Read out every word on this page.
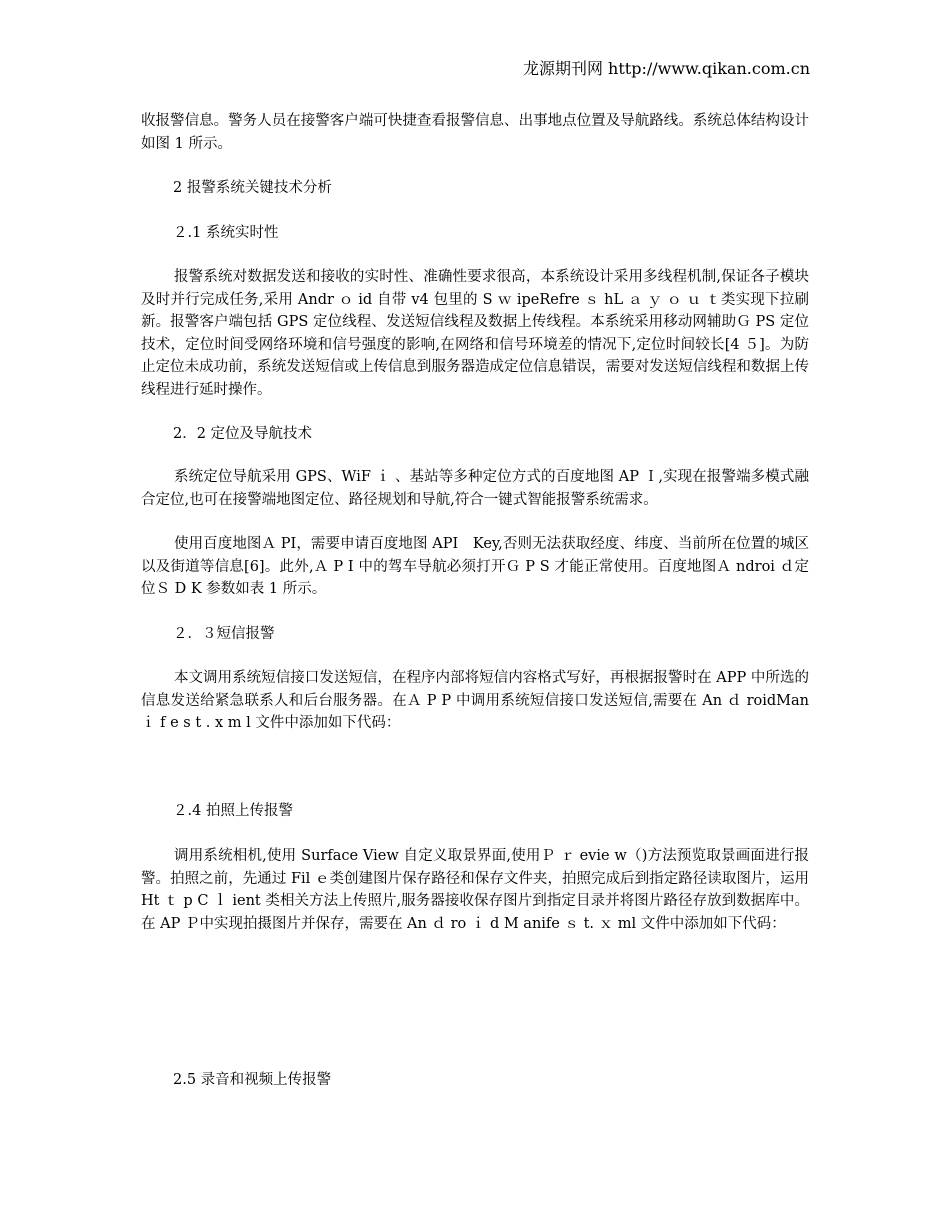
龙源期刊网 http://www.qikan.com.cn
收报警信息。警务人员在接警客户端可快捷查看报警信息、出事地点位置及导航路线。系统总体结构设计如图 1 所示。
2 报警系统关键技术分析
２.1 系统实时性
报警系统对数据发送和接收的实时性、准确性要求很高，本系统设计采用多线程机制,保证各子模块及时并行完成任务,采用 Andr ｏ id 自带 v4 包里的 S ｗ ipeRefre ｓ hL ａ ｙ ｏ ｕ ｔ类实现下拉刷新。报警客户端包括 GPS 定位线程、发送短信线程及数据上传线程。本系统采用移动网辅助Ｇ PS 定位技术，定位时间受网络环境和信号强度的影响,在网络和信号环境差的情况下,定位时间较长[4 ５]。为防止定位未成功前，系统发送短信或上传信息到服务器造成定位信息错误，需要对发送短信线程和数据上传线程进行延时操作。
2．2 定位及导航技术
系统定位导航采用 GPS、WiF ｉ 、基站等多种定位方式的百度地图 AP Ｉ,实现在报警端多模式融合定位,也可在接警端地图定位、路径规划和导航,符合一键式智能报警系统需求。
使用百度地图Ａ PI，需要申请百度地图 API　Key,否则无法获取经度、纬度、当前所在位置的城区以及街道等信息[6]。此外,Ａ P I 中的驾车导航必须打开Ｇ P S 才能正常使用。百度地图Ａ ndroi ｄ定位Ｓ D K 参数如表 1 所示。
２．３短信报警
本文调用系统短信接口发送短信，在程序内部将短信内容格式写好，再根据报警时在 APP 中所选的信息发送给紧急联系人和后台服务器。在Ａ P P 中调用系统短信接口发送短信,需要在 An ｄ roidMan ｉ f e s t . x m l 文件中添加如下代码：
２.4 拍照上传报警
调用系统相机,使用 Surface View 自定义取景界面,使用Ｐ ｒ evie w（)方法预览取景画面进行报警。拍照之前，先通过 Fil ｅ类创建图片保存路径和保存文件夹，拍照完成后到指定路径读取图片，运用 Ht ｔ p C ｌ ient 类相关方法上传照片,服务器接收保存图片到指定目录并将图片路径存放到数据库中。在 AP Ｐ中实现拍摄图片并保存，需要在 An ｄ ro ｉ d M anife ｓ t. ｘ ml 文件中添加如下代码：
2.5 录音和视频上传报警
